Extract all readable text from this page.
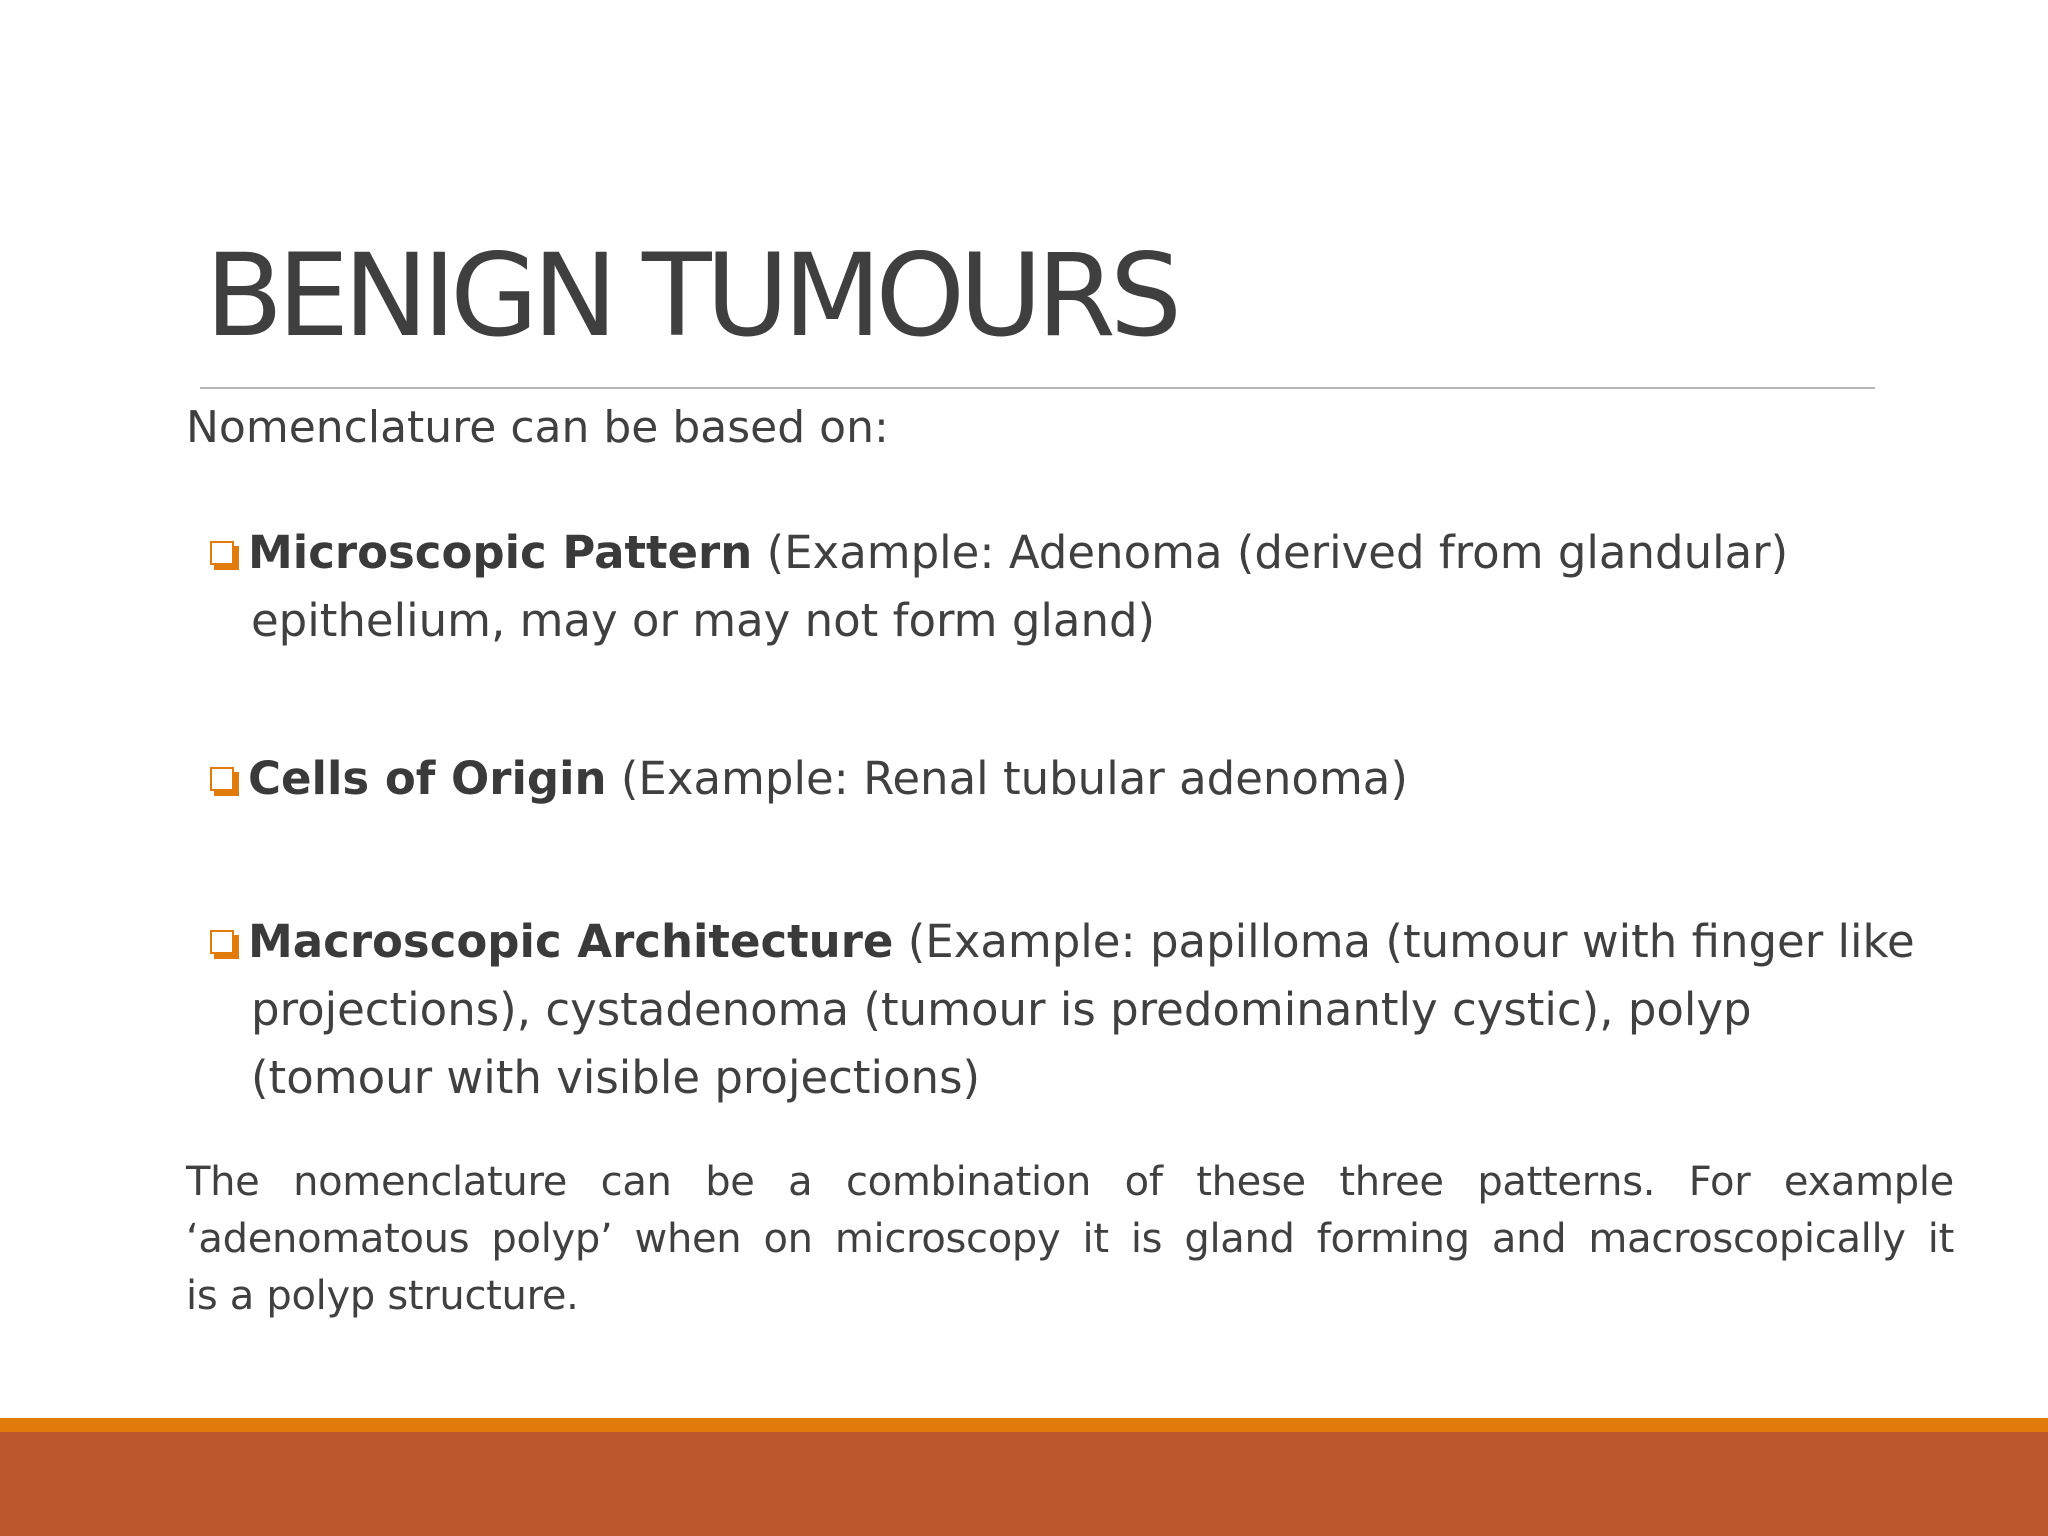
BENIGN TUMOURS

Nomenclature can be based on:

Microscopic Pattern (Example: Adenoma (derived from glandular)
epithelium, may or may not form gland)
Cells of Origin (Example: Renal tubular adenoma)
Macroscopic Architecture (Example: papilloma (tumour with finger like
projections), cystadenoma (tumour is predominantly cystic), polyp
(tomour with visible projections)

The nomenclature can be a combination of these three patterns. For example
‘adenomatous polyp’ when on microscopy it is gland forming and macroscopically it
is a polyp structure.
